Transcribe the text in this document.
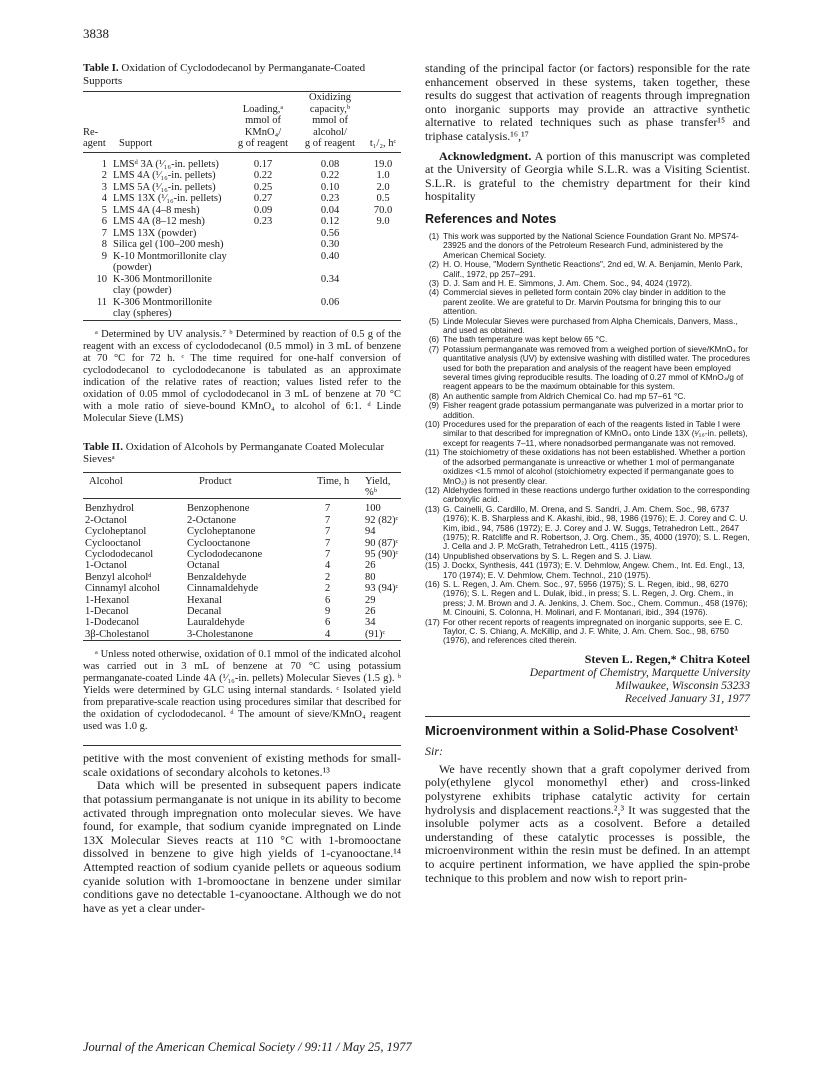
3838

Table I. Oxidation of Cyclododecanol by Permanganate-Coated Supports

Re-
agent	Support	Loading,ᵃ
mmol of
KMnO₄/
g of reagent	Oxidizing
capacity,ᵇ
mmol of
alcohol/
g of reagent	t₁/₂, hᶜ

1	LMSᵈ 3A (¹⁄₁₆-in. pellets)	0.17	0.08	19.0
2	LMS 4A (¹⁄₁₆-in. pellets)	0.22	0.22	1.0
3	LMS 5A (¹⁄₁₆-in. pellets)	0.25	0.10	2.0
4	LMS 13X (¹⁄₁₆-in. pellets)	0.27	0.23	0.5
5	LMS 4A (4–8 mesh)	0.09	0.04	70.0
6	LMS 4A (8–12 mesh)	0.23	0.12	9.0
7	LMS 13X (powder)		0.56	
8	Silica gel (100–200 mesh)		0.30	
9	K-10 Montmorillonite clay (powder)		0.40	
10	K-306 Montmorillonite clay (powder)		0.34	
11	K-306 Montmorillonite clay (spheres)		0.06	

ᵃ Determined by UV analysis.⁷ ᵇ Determined by reaction of 0.5 g of the reagent with an excess of cyclododecanol (0.5 mmol) in 3 mL of benzene at 70 °C for 72 h. ᶜ The time required for one-half conversion of cyclododecanol to cyclododecanone is tabulated as an approximate indication of the relative rates of reaction; values listed refer to the oxidation of 0.05 mmol of cyclododecanol in 3 mL of benzene at 70 °C with a mole ratio of sieve-bound KMnO₄ to alcohol of 6:1. ᵈ Linde Molecular Sieve (LMS)

Table II. Oxidation of Alcohols by Permanganate Coated Molecular Sievesᵃ

Alcohol	Product	Time, h	Yield, %ᵇ

Benzhydrol	Benzophenone	7	100
2-Octanol	2-Octanone	7	92 (82)ᶜ
Cycloheptanol	Cycloheptanone	7	94
Cyclooctanol	Cyclooctanone	7	90 (87)ᶜ
Cyclododecanol	Cyclododecanone	7	95 (90)ᶜ
1-Octanol	Octanal	4	26
Benzyl alcoholᵈ	Benzaldehyde	2	80
Cinnamyl alcohol	Cinnamaldehyde	2	93 (94)ᶜ
1-Hexanol	Hexanal	6	29
1-Decanol	Decanal	9	26
1-Dodecanol	Lauraldehyde	6	34
3β-Cholestanol	3-Cholestanone	4	(91)ᶜ

ᵃ Unless noted otherwise, oxidation of 0.1 mmol of the indicated alcohol was carried out in 3 mL of benzene at 70 °C using potassium permanganate-coated Linde 4A (¹⁄₁₆-in. pellets) Molecular Sieves (1.5 g). ᵇ Yields were determined by GLC using internal standards. ᶜ Isolated yield from preparative-scale reaction using procedures similar that described for the oxidation of cyclododecanol. ᵈ The amount of sieve/KMnO₄ reagent used was 1.0 g.

petitive with the most convenient of existing methods for small-scale oxidations of secondary alcohols to ketones.¹³

Data which will be presented in subsequent papers indicate that potassium permanganate is not unique in its ability to become activated through impregnation onto molecular sieves. We have found, for example, that sodium cyanide impregnated on Linde 13X Molecular Sieves reacts at 110 °C with 1-bromooctane dissolved in benzene to give high yields of 1-cyanooctane.¹⁴ Attempted reaction of sodium cyanide pellets or aqueous sodium cyanide solution with 1-bromooctane in benzene under similar conditions gave no detectable 1-cyanooctane. Although we do not have as yet a clear under-

standing of the principal factor (or factors) responsible for the rate enhancement observed in these systems, taken together, these results do suggest that activation of reagents through impregnation onto inorganic supports may provide an attractive synthetic alternative to related techniques such as phase transfer¹⁵ and triphase catalysis.¹⁶,¹⁷

Acknowledgment. A portion of this manuscript was completed at the University of Georgia while S.L.R. was a Visiting Scientist. S.L.R. is grateful to the chemistry department for their kind hospitality

References and Notes
(1) This work was supported by the National Science Foundation Grant No. MPS74-23925 and the donors of the Petroleum Research Fund, administered by the American Chemical Society.
(2) H. O. House, "Modern Synthetic Reactions", 2nd ed, W. A. Benjamin, Menlo Park, Calif., 1972, pp 257–291.
(3) D. J. Sam and H. E. Simmons, J. Am. Chem. Soc., 94, 4024 (1972).
(4) Commercial sieves in pelleted form contain 20% clay binder in addition to the parent zeolite. We are grateful to Dr. Marvin Poutsma for bringing this to our attention.
(5) Linde Molecular Sieves were purchased from Alpha Chemicals, Danvers, Mass., and used as obtained.
(6) The bath temperature was kept below 65 °C.
(7) Potassium permanganate was removed from a weighed portion of sieve/KMnO₄ for quantitative analysis (UV) by extensive washing with distilled water. The procedures used for both the preparation and analysis of the reagent have been employed several times giving reproducible results. The loading of 0.27 mmol of KMnO₄/g of reagent appears to be the maximum obtainable for this system.
(8) An authentic sample from Aldrich Chemical Co. had mp 57–61 °C.
(9) Fisher reagent grade potassium permanganate was pulverized in a mortar prior to addition.
(10) Procedures used for the preparation of each of the reagents listed in Table I were similar to that described for impregnation of KMnO₄ onto Linde 13X (¹⁄₁₆-in. pellets), except for reagents 7–11, where nonadsorbed permanganate was not removed.
(11) The stoichiometry of these oxidations has not been established. Whether a portion of the adsorbed permanganate is unreactive or whether 1 mol of permanganate oxidizes <1.5 mmol of alcohol (stoichiometry expected if permanganate goes to MnO₂) is not presently clear.
(12) Aldehydes formed in these reactions undergo further oxidation to the corresponding carboxylic acid.
(13) G. Cainelli, G. Cardillo, M. Orena, and S. Sandri, J. Am. Chem. Soc., 98, 6737 (1976); K. B. Sharpless and K. Akashi, ibid., 98, 1986 (1976); E. J. Corey and C. U. Kim, ibid., 94, 7586 (1972); E. J. Corey and J. W. Suggs, Tetrahedron Lett., 2647 (1975); R. Ratcliffe and R. Robertson, J. Org. Chem., 35, 4000 (1970); S. L. Regen, J. Cella and J. P. McGrath, Tetrahedron Lett., 4115 (1975).
(14) Unpublished observations by S. L. Regen and S. J. Liaw.
(15) J. Dockx, Synthesis, 441 (1973); E. V. Dehmlow, Angew. Chem., Int. Ed. Engl., 13, 170 (1974); E. V. Dehmlow, Chem. Technol., 210 (1975).
(16) S. L. Regen, J. Am. Chem. Soc., 97, 5956 (1975); S. L. Regen, ibid., 98, 6270 (1976); S. L. Regen and L. Dulak, ibid., in press; S. L. Regen, J. Org. Chem., in press; J. M. Brown and J. A. Jenkins, J. Chem. Soc., Chem. Commun., 458 (1976); M. Cinouini, S. Colonna, H. Molinari, and F. Montanari, ibid., 394 (1976).
(17) For other recent reports of reagents impregnated on inorganic supports, see E. C. Taylor, C. S. Chiang, A. McKillip, and J. F. White, J. Am. Chem. Soc., 98, 6750 (1976), and references cited therein.
Steven L. Regen,* Chitra Koteel
Department of Chemistry, Marquette University
Milwaukee, Wisconsin 53233
Received January 31, 1977

Microenvironment within a Solid-Phase Cosolvent¹

Sir:

We have recently shown that a graft copolymer derived from poly(ethylene glycol monomethyl ether) and cross-linked polystyrene exhibits triphase catalytic activity for certain hydrolysis and displacement reactions.²,³ It was suggested that the insoluble polymer acts as a cosolvent. Before a detailed understanding of these catalytic processes is possible, the microenvironment within the resin must be defined. In an attempt to acquire pertinent information, we have applied the spin-probe technique to this problem and now wish to report prin-

Journal of the American Chemical Society / 99:11 / May 25, 1977
